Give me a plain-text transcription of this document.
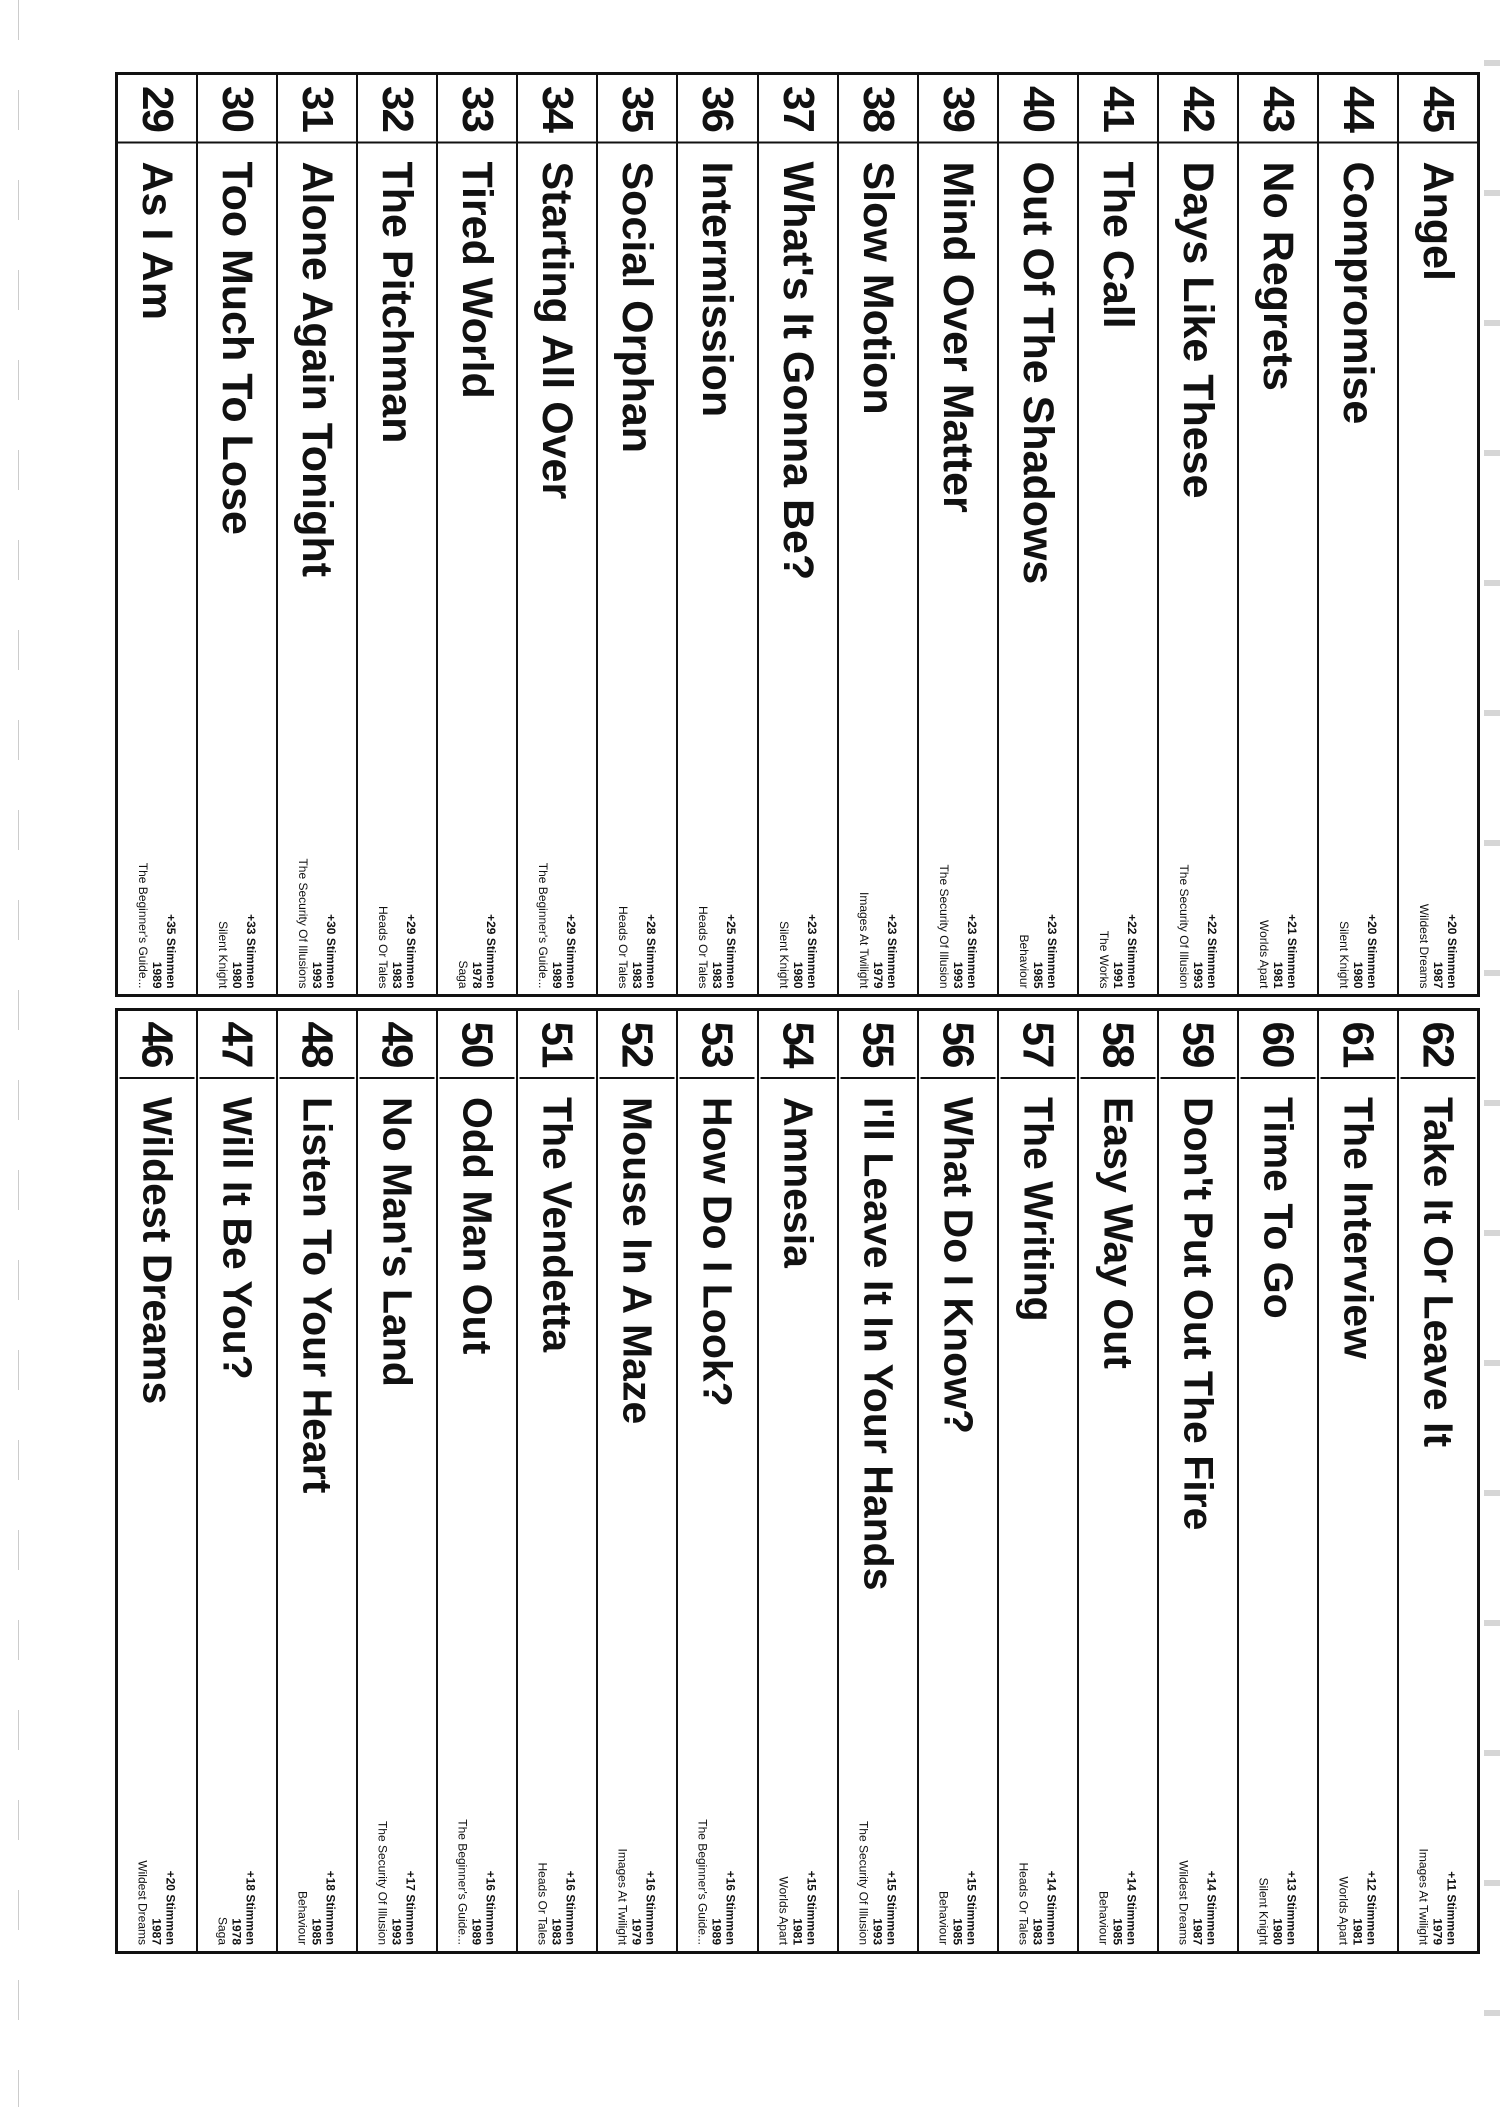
29
As I Am
+35 Stimmen
1989
The Beginner's Guide...
30
Too Much To Lose
+33 Stimmen
1980
Silent Knight
31
Alone Again Tonight
+30 Stimmen
1993
The Security Of Illusions
32
The Pitchman
+29 Stimmen
1983
Heads Or Tales
33
Tired World
+29 Stimmen
1978
Saga
34
Starting All Over
+29 Stimmen
1989
The Beginner's Guide...
35
Social Orphan
+28 Stimmen
1983
Heads Or Tales
36
Intermission
+25 Stimmen
1983
Heads Or Tales
37
What's It Gonna Be?
+23 Stimmen
1980
Silent Knight
38
Slow Motion
+23 Stimmen
1979
Images At Twilight
39
Mind Over Matter
+23 Stimmen
1993
The Security Of Illusion
40
Out Of The Shadows
+23 Stimmen
1985
Behaviour
41
The Call
+22 Stimmen
1991
The Works
42
Days Like These
+22 Stimmen
1993
The Security Of Illusion
43
No Regrets
+21 Stimmen
1981
Worlds Apart
44
Compromise
+20 Stimmen
1980
Silent Knight
45
Angel
+20 Stimmen
1987
Wildest Dreams
46
Wildest Dreams
+20 Stimmen
1987
Wildest Dreams
47
Will It Be You?
+18 Stimmen
1978
Saga
48
Listen To Your Heart
+18 Stimmen
1985
Behaviour
49
No Man's Land
+17 Stimmen
1993
The Security Of Illusion
50
Odd Man Out
+16 Stimmen
1989
The Beginner's Guide...
51
The Vendetta
+16 Stimmen
1983
Heads Or Tales
52
Mouse In A Maze
+16 Stimmen
1979
Images At Twilight
53
How Do I Look?
+16 Stimmen
1989
The Beginner's Guide...
54
Amnesia
+15 Stimmen
1981
Worlds Apart
55
I'll Leave It In Your Hands
+15 Stimmen
1993
The Security Of Illusion
56
What Do I Know?
+15 Stimmen
1985
Behaviour
57
The Writing
+14 Stimmen
1983
Heads Or Tales
58
Easy Way Out
+14 Stimmen
1985
Behaviour
59
Don't Put Out The Fire
+14 Stimmen
1987
Wildest Dreams
60
Time To Go
+13 Stimmen
1980
Silent Knight
61
The Interview
+12 Stimmen
1981
Worlds Apart
62
Take It Or Leave It
+11 Stimmen
1979
Images At Twilight
